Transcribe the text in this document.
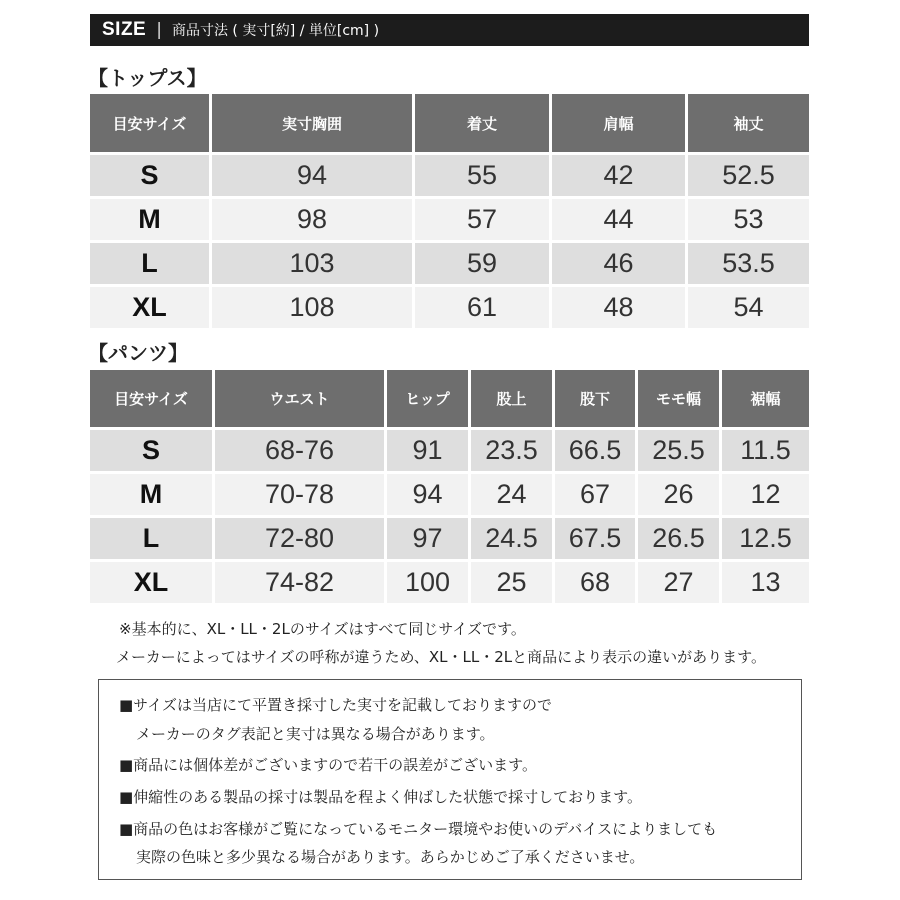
SIZE | 商品寸法 ( 実寸[約] / 単位[cm] )
【トップス】
目安サイズ	実寸胸囲	着丈	肩幅	袖丈
S	94	55	42	52.5
M	98	57	44	53
L	103	59	46	53.5
XL	108	61	48	54
【パンツ】
目安サイズ	ウエスト	ヒップ	股上	股下	モモ幅	裾幅
S	68-76	91	23.5	66.5	25.5	11.5
M	70-78	94	24	67	26	12
L	72-80	97	24.5	67.5	26.5	12.5
XL	74-82	100	25	68	27	13
※基本的に、XL・LL・2Lのサイズはすべて同じサイズです。
メーカーによってはサイズの呼称が違うため、XL・LL・2Lと商品により表示の違いがあります。
■サイズは当店にて平置き採寸した実寸を記載しておりますので
メーカーのタグ表記と実寸は異なる場合があります。
■商品には個体差がございますので若干の誤差がございます。
■伸縮性のある製品の採寸は製品を程よく伸ばした状態で採寸しております。
■商品の色はお客様がご覧になっているモニター環境やお使いのデバイスによりましても
実際の色味と多少異なる場合があります。あらかじめご了承くださいませ。
